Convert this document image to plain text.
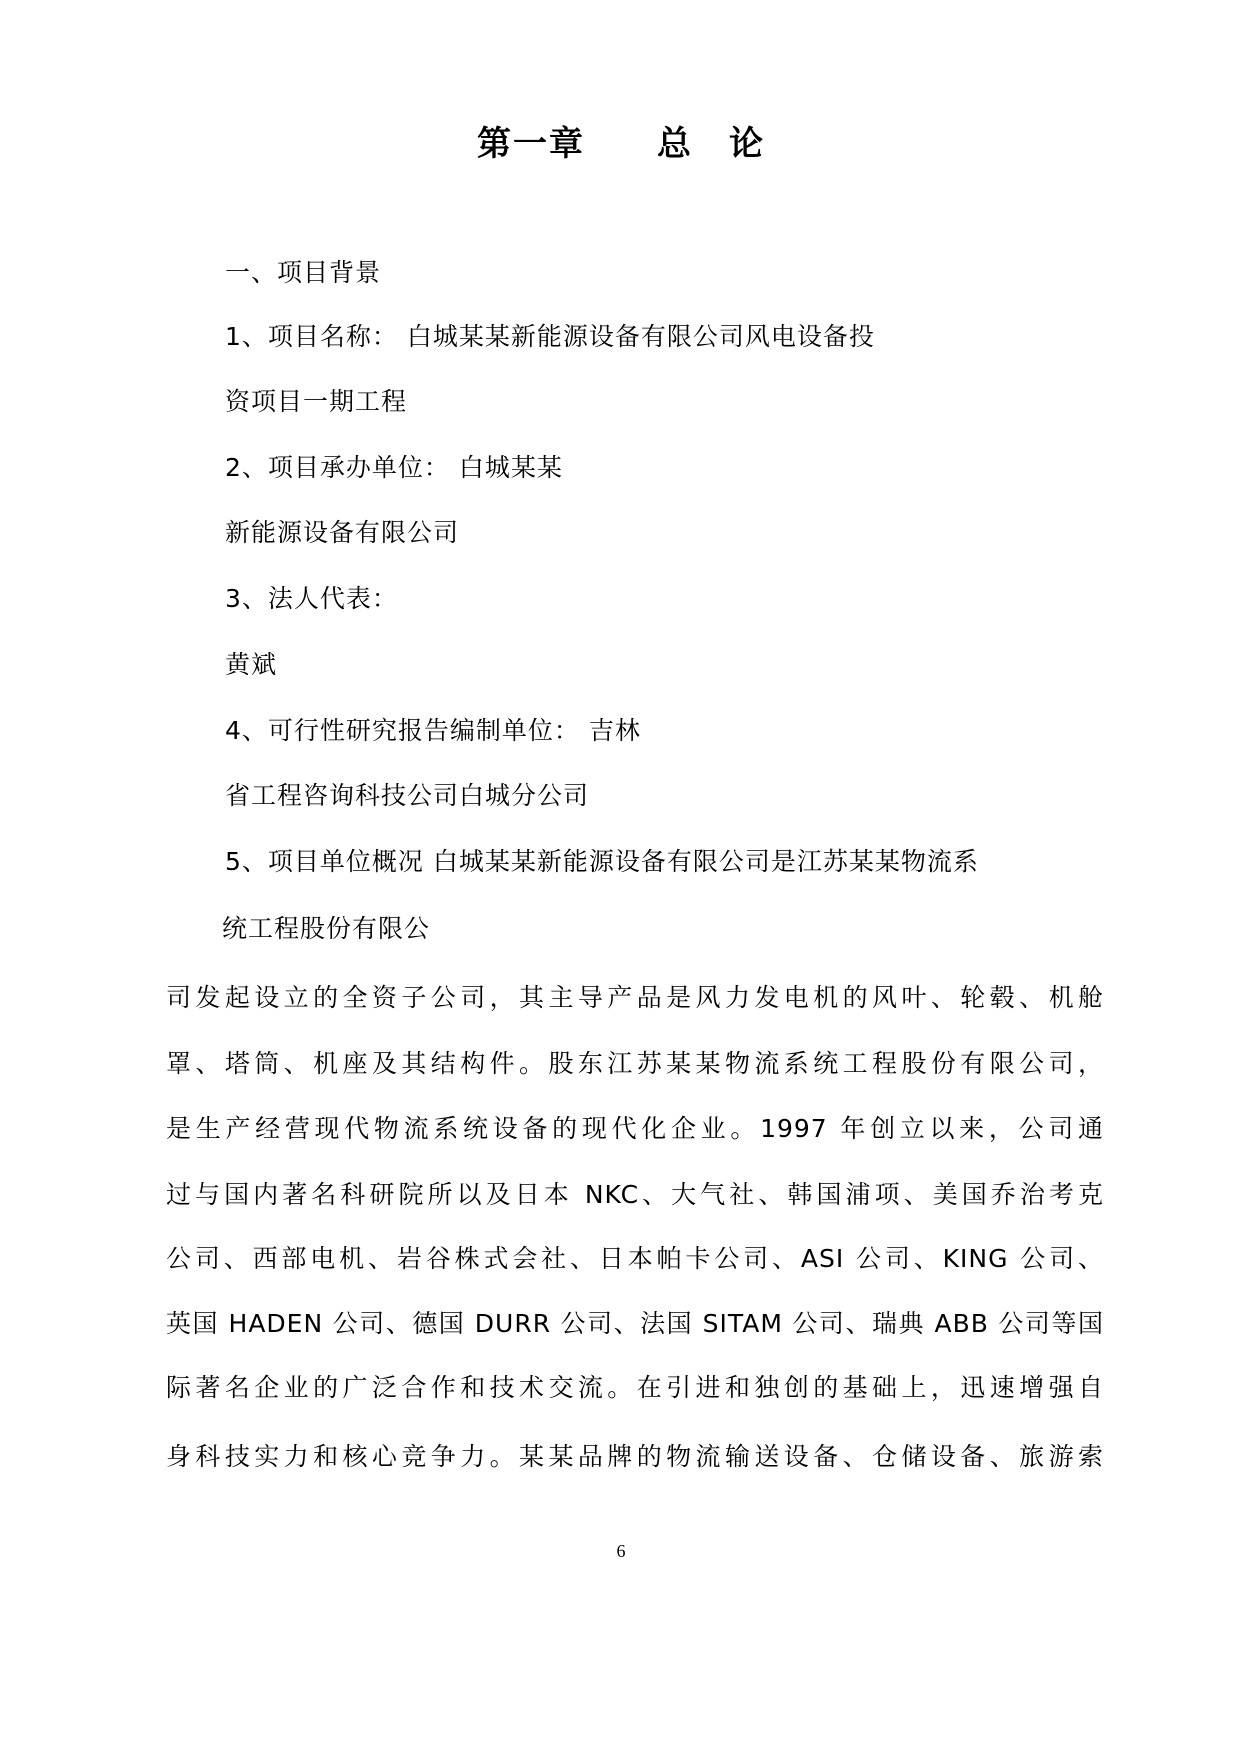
第一章　　总　论
一、项目背景
1、项目名称： 白城某某新能源设备有限公司风电设备投
资项目一期工程
2、项目承办单位： 白城某某
新能源设备有限公司
3、法人代表：
黄斌
4、可行性研究报告编制单位： 吉林
省工程咨询科技公司白城分公司
5、项目单位概况 白城某某新能源设备有限公司是江苏某某物流系
统工程股份有限公
司发起设立的全资子公司，其主导产品是风力发电机的风叶、轮毂、机舱
罩、塔筒、机座及其结构件。股东江苏某某物流系统工程股份有限公司，
是生产经营现代物流系统设备的现代化企业。1997 年创立以来，公司通
过与国内著名科研院所以及日本 NKC、大气社、韩国浦项、美国乔治考克
公司、西部电机、岩谷株式会社、日本帕卡公司、ASI 公司、KING 公司、
英国 HADEN 公司、德国 DURR 公司、法国 SITAM 公司、瑞典 ABB 公司等国
际著名企业的广泛合作和技术交流。在引进和独创的基础上，迅速增强自
身科技实力和核心竞争力。某某品牌的物流输送设备、仓储设备、旅游索
6
